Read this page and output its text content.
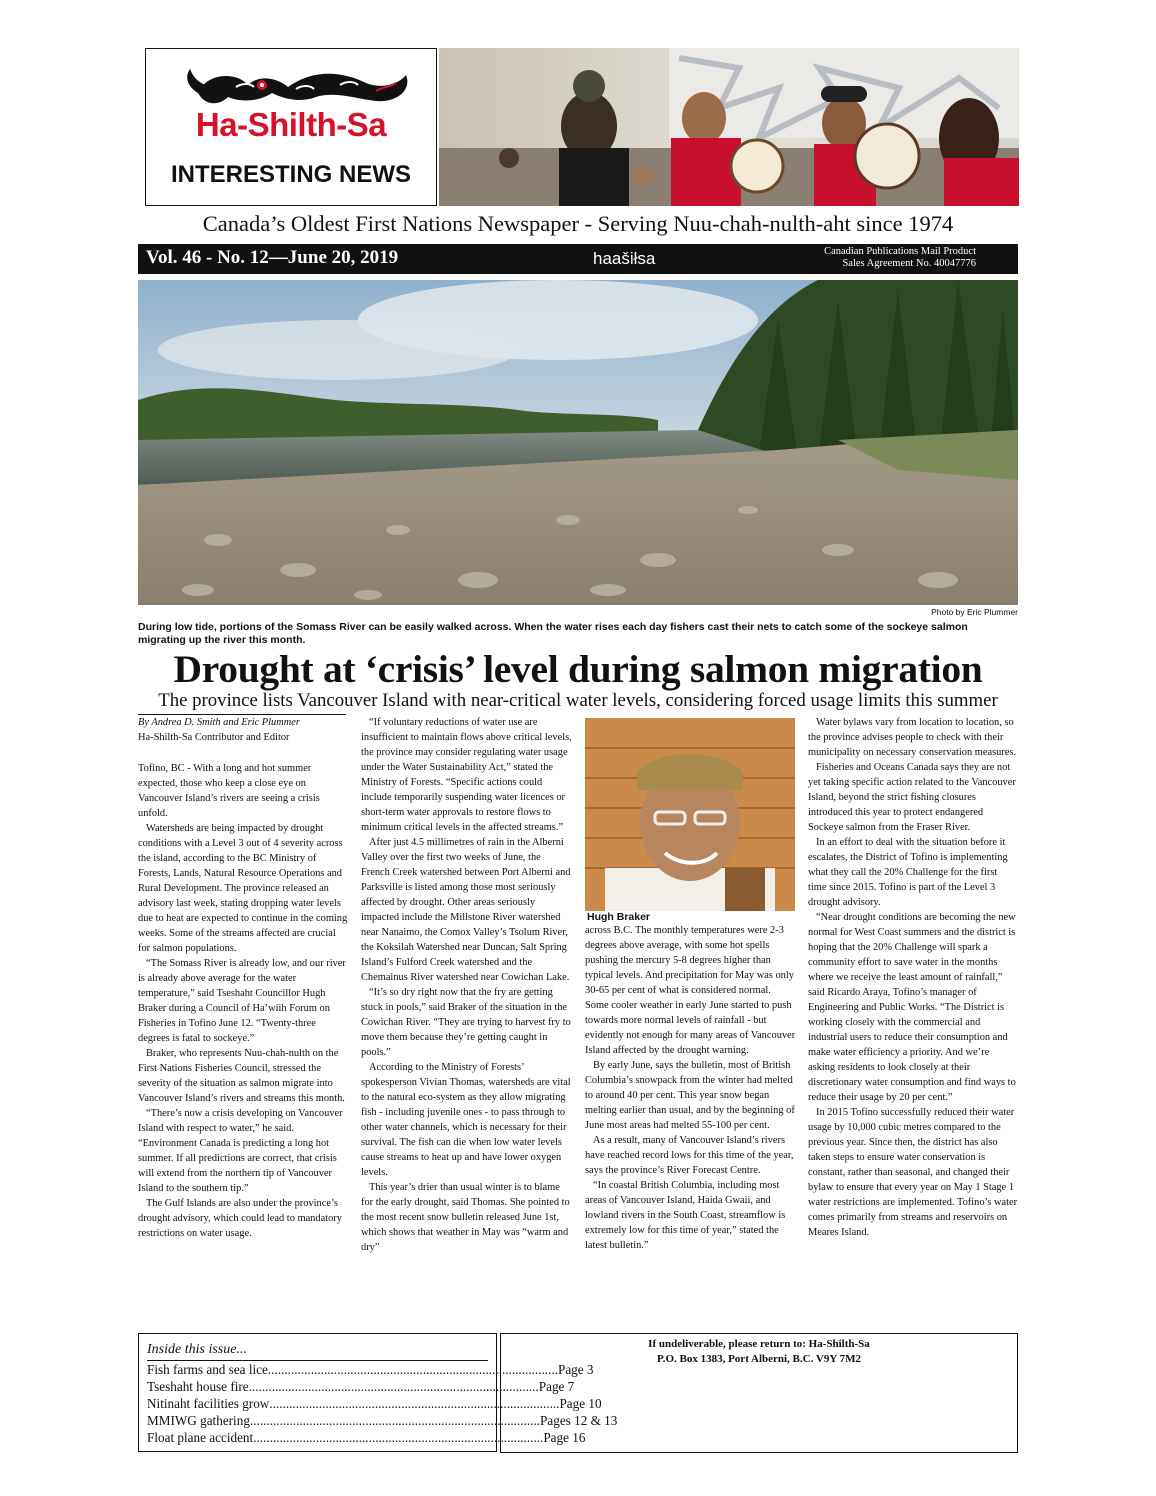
Ha-Shilth-Sa
INTERESTING NEWS
Canada’s Oldest First Nations Newspaper - Serving Nuu-chah-nulth-aht since 1974
Vol. 46 - No. 12—June 20, 2019	haašiłsa	Canadian Publications Mail Product
Sales Agreement No. 40047776
Photo by Eric Plummer
During low tide, portions of the Somass River can be easily walked across. When the water rises each day fishers cast their nets to catch some of the sockeye salmon migrating up the river this month.
Drought at ‘crisis’ level during salmon migration
The province lists Vancouver Island with near-critical water levels, considering forced usage limits this summer

By Andrea D. Smith and Eric Plummer

Ha-Shilth-Sa Contributor and Editor

Tofino, BC - With a long and hot summer expected, those who keep a close eye on Vancouver Island’s rivers are seeing a crisis unfold.

Watersheds are being impacted by drought conditions with a Level 3 out of 4 severity across the island, according to the BC Ministry of Forests, Lands, Natural Resource Operations and Rural Development. The province released an advisory last week, stating dropping water levels due to heat are expected to continue in the coming weeks. Some of the streams affected are crucial for salmon populations.

“The Somass River is already low, and our river is already above average for the water temperature,” said Tseshaht Councillor Hugh Braker during a Council of Ha’wiih Forum on Fisheries in Tofino June 12. “Twenty-three degrees is fatal to sockeye.”

Braker, who represents Nuu-chah-nulth on the First Nations Fisheries Council, stressed the severity of the situation as salmon migrate into Vancouver Island’s rivers and streams this month.

“There’s now a crisis developing on Vancouver Island with respect to water,” he said. “Environment Canada is predicting a long hot summer. If all predictions are correct, that crisis will extend from the northern tip of Vancouver Island to the southern tip.”

The Gulf Islands are also under the province’s drought advisory, which could lead to mandatory restrictions on water usage.

“If voluntary reductions of water use are insufficient to maintain flows above critical levels, the province may consider regulating water usage under the Water Sustainability Act,” stated the Ministry of Forests. “Specific actions could include temporarily suspending water licences or short-term water approvals to restore flows to minimum critical levels in the affected streams.”

After just 4.5 millimetres of rain in the Alberni Valley over the first two weeks of June, the French Creek watershed between Port Alberni and Parksville is listed among those most seriously affected by drought. Other areas seriously impacted include the Millstone River watershed near Nanaimo, the Comox Valley’s Tsolum River, the Koksilah Watershed near Duncan, Salt Spring Island’s Fulford Creek watershed and the Chemainus River watershed near Cowichan Lake.

“It’s so dry right now that the fry are getting stuck in pools,” said Braker of the situation in the Cowichan River. “They are trying to harvest fry to move them because they’re getting caught in pools.”

According to the Ministry of Forests’ spokesperson Vivian Thomas, watersheds are vital to the natural eco-system as they allow migrating fish - including juvenile ones - to pass through to other water channels, which is necessary for their survival. The fish can die when low water levels cause streams to heat up and have lower oxygen levels.

This year’s drier than usual winter is to blame for the early drought, said Thomas. She pointed to the most recent snow bulletin released June 1st, which shows that weather in May was “warm and dry”

Hugh Braker

across B.C. The monthly temperatures were 2-3 degrees above average, with some hot spells pushing the mercury 5-8 degrees higher than typical levels. And precipitation for May was only 30-65 per cent of what is considered normal. Some cooler weather in early June started to push towards more normal levels of rainfall - but evidently not enough for many areas of Vancouver Island affected by the drought warning.

By early June, says the bulletin, most of British Columbia’s snowpack from the winter had melted to around 40 per cent. This year snow began melting earlier than usual, and by the beginning of June most areas had melted 55-100 per cent.

As a result, many of Vancouver Island’s rivers have reached record lows for this time of the year, says the province’s River Forecast Centre.

“In coastal British Columbia, including most areas of Vancouver Island, Haida Gwaii, and lowland rivers in the South Coast, streamflow is extremely low for this time of year,” stated the latest bulletin.”

Water bylaws vary from location to location, so the province advises people to check with their municipality on necessary conservation measures.

Fisheries and Oceans Canada says they are not yet taking specific action related to the Vancouver Island, beyond the strict fishing closures introduced this year to protect endangered Sockeye salmon from the Fraser River.

In an effort to deal with the situation before it escalates, the District of Tofino is implementing what they call the 20% Challenge for the first time since 2015. Tofino is part of the Level 3 drought advisory.

“Near drought conditions are becoming the new normal for West Coast summers and the district is hoping that the 20% Challenge will spark a community effort to save water in the months where we receive the least amount of rainfall,” said Ricardo Araya, Tofino’s manager of Engineering and Public Works. “The District is working closely with the commercial and industrial users to reduce their consumption and make water efficiency a priority. And we’re asking residents to look closely at their discretionary water consumption and find ways to reduce their usage by 20 per cent.”

In 2015 Tofino successfully reduced their water usage by 10,000 cubic metres compared to the previous year. Since then, the district has also taken steps to ensure water conservation is constant, rather than seasonal, and changed their bylaw to ensure that every year on May 1 Stage 1 water restrictions are implemented. Tofino’s water comes primarily from streams and reservoirs on Meares Island.

Inside this issue...
Fish farms and sea lice ........................................................................................ Page 3
Tseshaht house fire ........................................................................................ Page 7
Nitinaht facilities grow ........................................................................................ Page 10
MMIWG gathering ........................................................................................ Pages 12 & 13
Float plane accident ........................................................................................ Page 16
If undeliverable, please return to: Ha-Shilth-Sa
P.O. Box 1383, Port Alberni, B.C. V9Y 7M2
